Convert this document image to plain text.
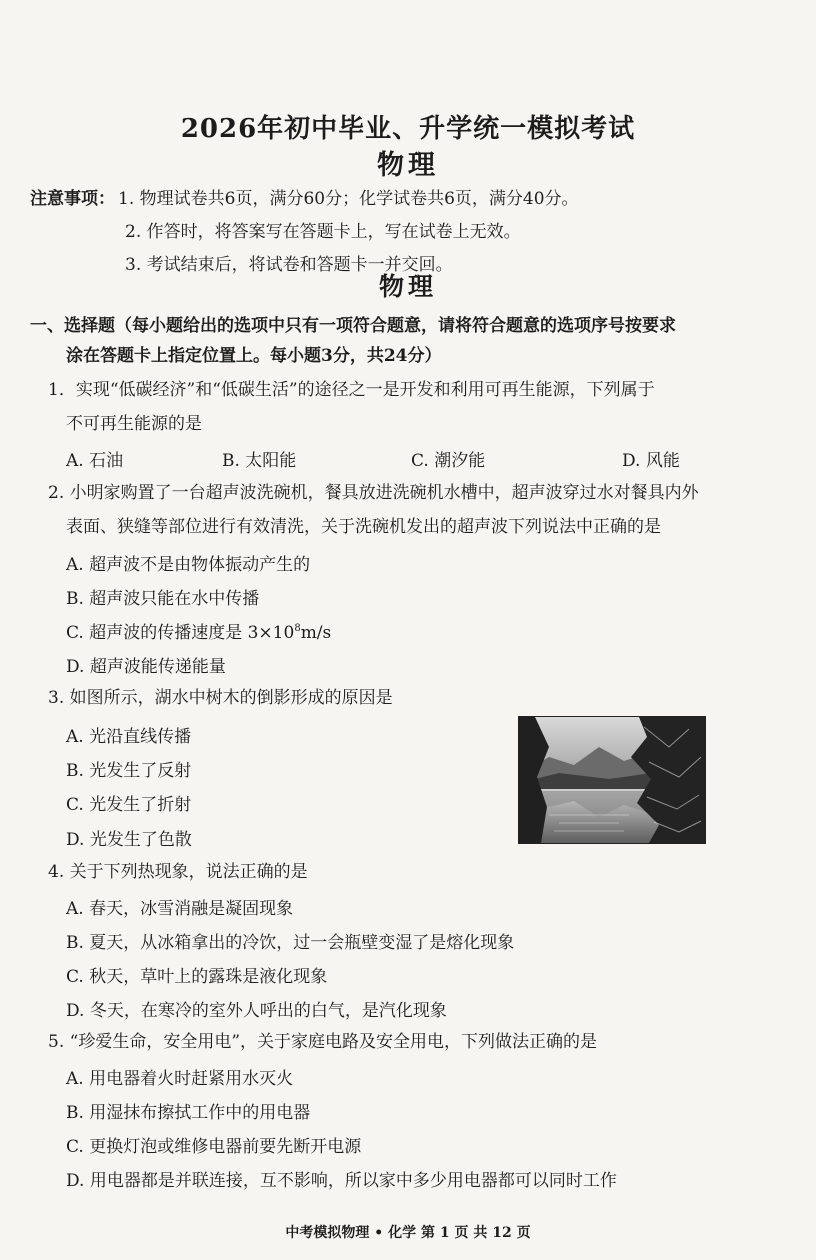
2026年初中毕业、升学统一模拟考试
物理
注意事项： 1. 物理试卷共6页，满分60分；化学试卷共6页，满分40分。
2. 作答时，将答案写在答题卡上，写在试卷上无效。
3. 考试结束后，将试卷和答题卡一并交回。
物理
一、选择题（每小题给出的选项中只有一项符合题意，请将符合题意的选项序号按要求
涂在答题卡上指定位置上。每小题3分，共24分）
1．实现“低碳经济”和“低碳生活”的途径之一是开发和利用可再生能源，下列属于
不可再生能源的是
A. 石油	B. 太阳能	C. 潮汐能	D. 风能
2. 小明家购置了一台超声波洗碗机，餐具放进洗碗机水槽中，超声波穿过水对餐具内外
表面、狭缝等部位进行有效清洗，关于洗碗机发出的超声波下列说法中正确的是
A. 超声波不是由物体振动产生的
B. 超声波只能在水中传播
C. 超声波的传播速度是 $3\times 10^8m/s$
D. 超声波能传递能量
3. 如图所示，湖水中树木的倒影形成的原因是
A. 光沿直线传播
B. 光发生了反射
C. 光发生了折射
D. 光发生了色散
4. 关于下列热现象，说法正确的是
A. 春天，冰雪消融是凝固现象
B. 夏天，从冰箱拿出的冷饮，过一会瓶壁变湿了是熔化现象
C. 秋天，草叶上的露珠是液化现象
D. 冬天，在寒冷的室外人呼出的白气，是汽化现象
5. “珍爱生命，安全用电”，关于家庭电路及安全用电，下列做法正确的是
A. 用电器着火时赶紧用水灭火
B. 用湿抹布擦拭工作中的用电器
C. 更换灯泡或维修电器前要先断开电源
D. 用电器都是并联连接，互不影响，所以家中多少用电器都可以同时工作
中考模拟物理 • 化学 第 1 页 共 12 页
